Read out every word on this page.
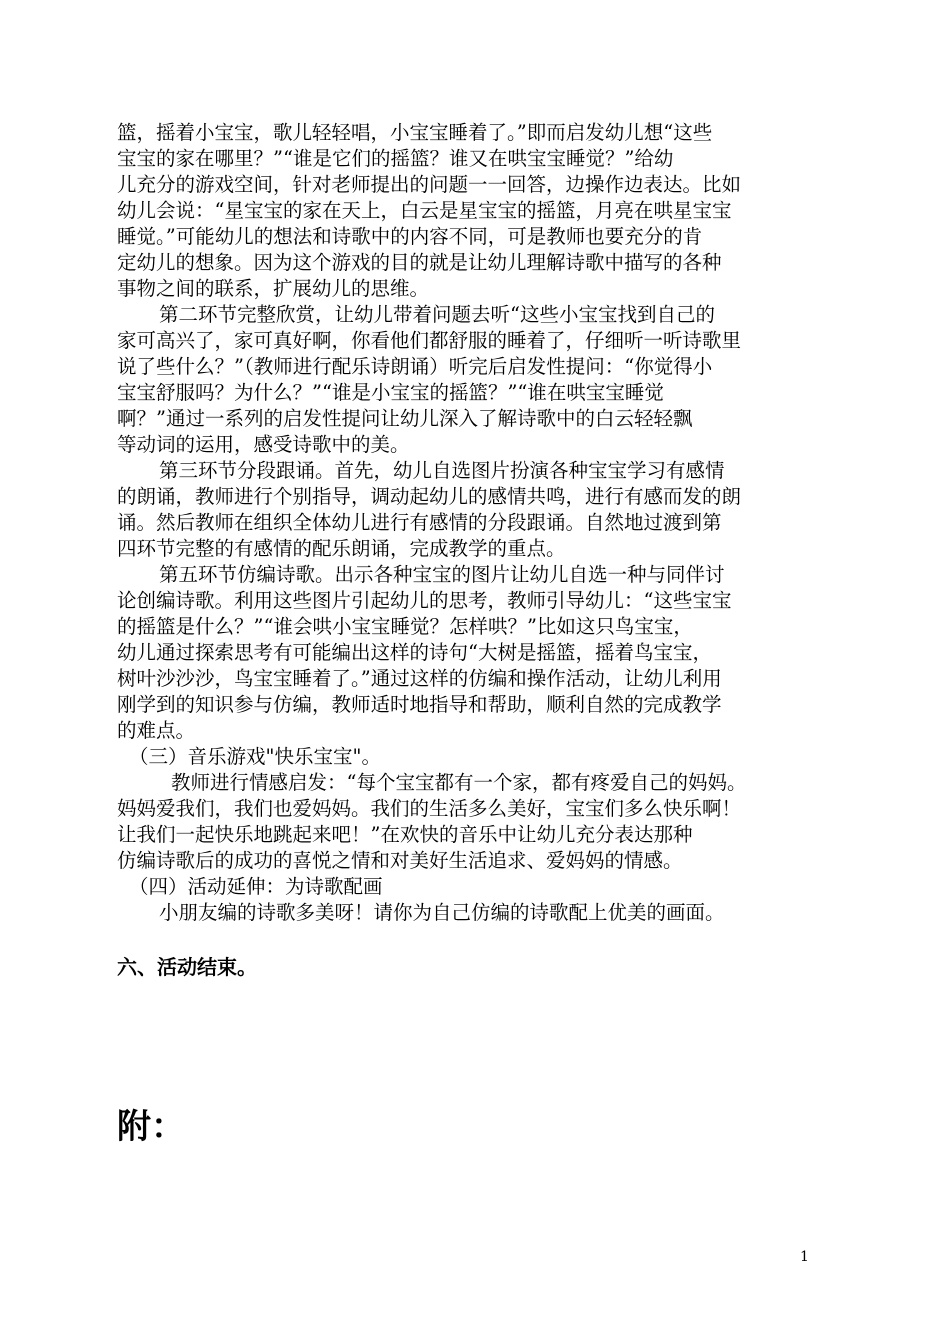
篮，摇着小宝宝，歌儿轻轻唱，小宝宝睡着了。”即而启发幼儿想“这些
宝宝的家在哪里？”“谁是它们的摇篮？谁又在哄宝宝睡觉？”给幼
儿充分的游戏空间，针对老师提出的问题一一回答，边操作边表达。比如
幼儿会说：“星宝宝的家在天上，白云是星宝宝的摇篮，月亮在哄星宝宝
睡觉。”可能幼儿的想法和诗歌中的内容不同，可是教师也要充分的肯
定幼儿的想象。因为这个游戏的目的就是让幼儿理解诗歌中描写的各种
事物之间的联系，扩展幼儿的思维。
第二环节完整欣赏，让幼儿带着问题去听“这些小宝宝找到自己的
家可高兴了，家可真好啊，你看他们都舒服的睡着了，仔细听一听诗歌里
说了些什么？”（教师进行配乐诗朗诵）听完后启发性提问：“你觉得小
宝宝舒服吗？为什么？”“谁是小宝宝的摇篮？”“谁在哄宝宝睡觉
啊？”通过一系列的启发性提问让幼儿深入了解诗歌中的白云轻轻飘
等动词的运用，感受诗歌中的美。
第三环节分段跟诵。首先，幼儿自选图片扮演各种宝宝学习有感情
的朗诵，教师进行个别指导，调动起幼儿的感情共鸣，进行有感而发的朗
诵。然后教师在组织全体幼儿进行有感情的分段跟诵。自然地过渡到第
四环节完整的有感情的配乐朗诵，完成教学的重点。
第五环节仿编诗歌。出示各种宝宝的图片让幼儿自选一种与同伴讨
论创编诗歌。利用这些图片引起幼儿的思考，教师引导幼儿：“这些宝宝
的摇篮是什么？”“谁会哄小宝宝睡觉？怎样哄？”比如这只鸟宝宝，
幼儿通过探索思考有可能编出这样的诗句“大树是摇篮，摇着鸟宝宝，
树叶沙沙沙，鸟宝宝睡着了。”通过这样的仿编和操作活动，让幼儿利用
刚学到的知识参与仿编，教师适时地指导和帮助，顺利自然的完成教学
的难点。
（三）音乐游戏"快乐宝宝"。
教师进行情感启发：“每个宝宝都有一个家，都有疼爱自己的妈妈。
妈妈爱我们，我们也爱妈妈。我们的生活多么美好，宝宝们多么快乐啊！
让我们一起快乐地跳起来吧！”在欢快的音乐中让幼儿充分表达那种
仿编诗歌后的成功的喜悦之情和对美好生活追求、爱妈妈的情感。
（四）活动延伸：为诗歌配画
小朋友编的诗歌多美呀！请你为自己仿编的诗歌配上优美的画面。
六、活动结束。
附：
1
